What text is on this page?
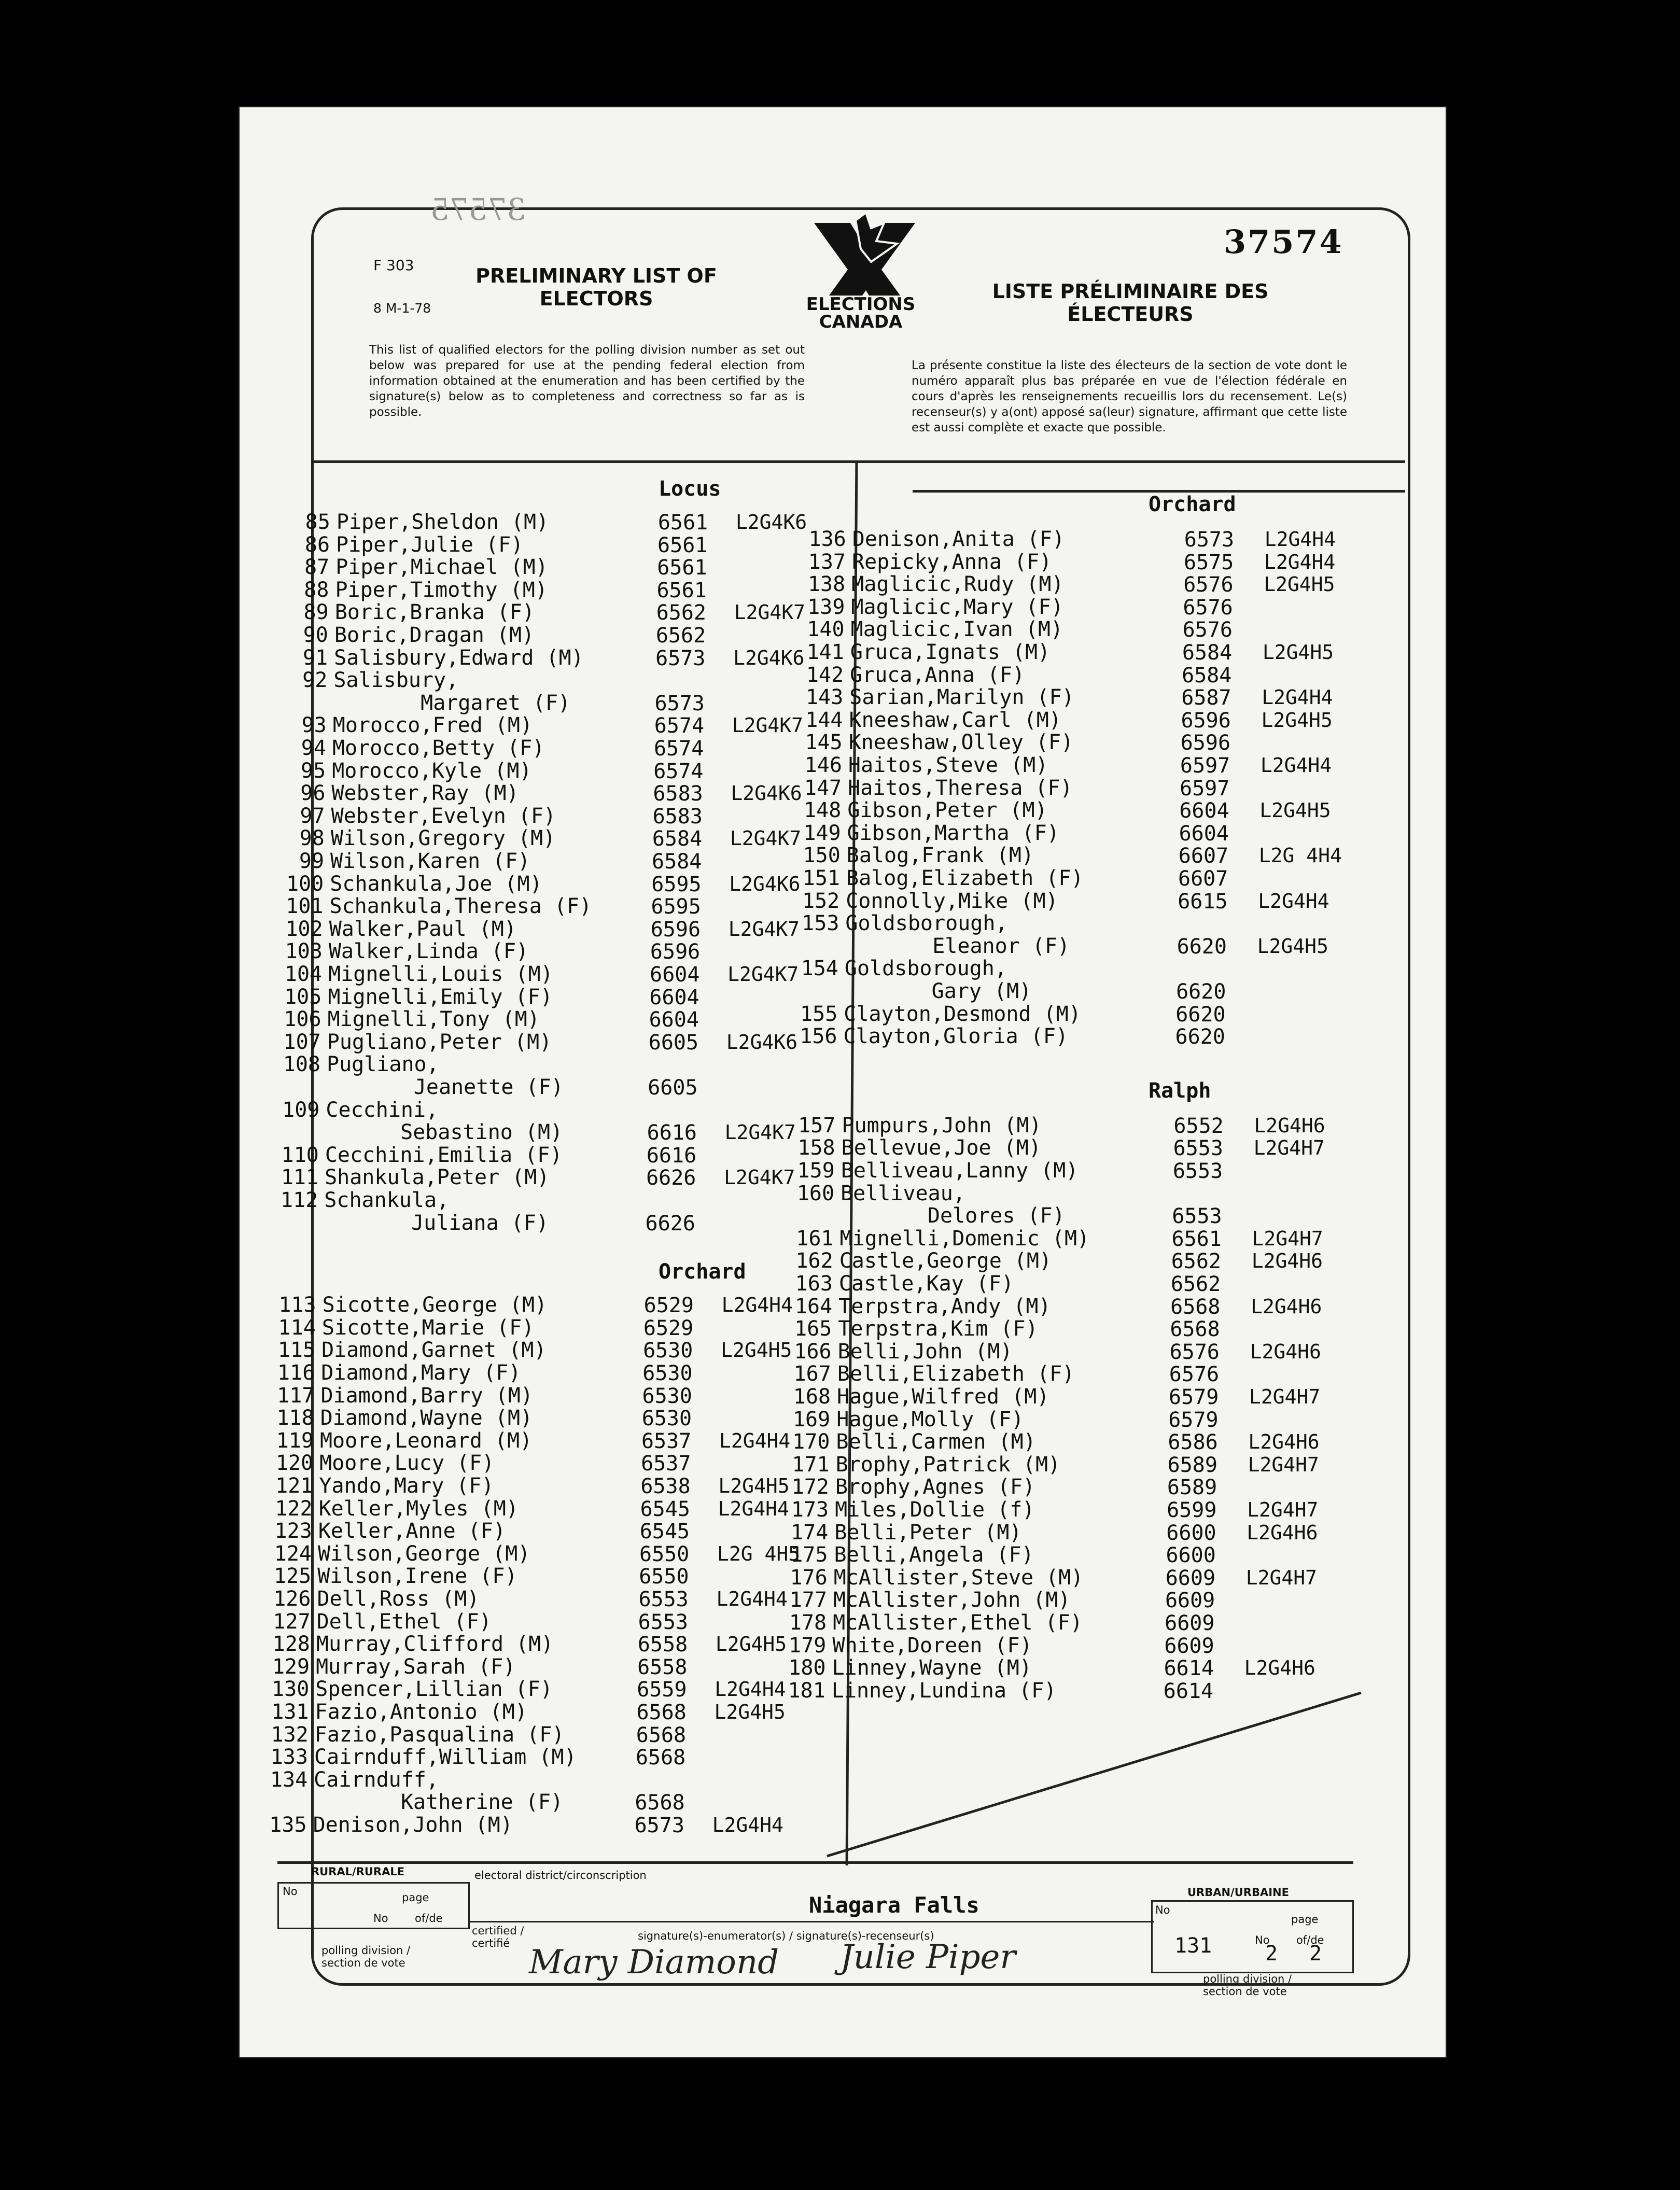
37575
37574
F 303
8 M-1-78
PRELIMINARY LIST OF ELECTORS	LISTE PRÉLIMINAIRE DES ÉLECTEURS
ELECTIONS CANADA
This list of qualified electors for the polling division number as set out below was prepared for use at the pending federal election from information obtained at the enumeration and has been certified by the signature(s) below as to completeness and correctness so far as is possible.
La présente constitue la liste des électeurs de la section de vote dont le numéro apparaît plus bas préparée en vue de l'élection fédérale en cours d'après les renseignements recueillis lors du recensement. Le(s) recenseur(s) y a(ont) apposé sa(leur) signature, affirmant que cette liste est aussi complète et exacte que possible.
Locus
85 Piper,Sheldon (M)	6561 L2G4K6
86 Piper,Julie (F)	6561
87 Piper,Michael (M)	6561
88 Piper,Timothy (M)	6561
89 Boric,Branka (F)	6562 L2G4K7
90 Boric,Dragan (M)	6562
91 Salisbury,Edward (M)	6573 L2G4K6
92 Salisbury,
Margaret (F)	6573
93 Morocco,Fred (M)	6574 L2G4K7
94 Morocco,Betty (F)	6574
95 Morocco,Kyle (M)	6574
96 Webster,Ray (M)	6583 L2G4K6
97 Webster,Evelyn (F)	6583
98 Wilson,Gregory (M)	6584 L2G4K7
99 Wilson,Karen (F)	6584
100 Schankula,Joe (M)	6595 L2G4K6
101 Schankula,Theresa (F)	6595
102 Walker,Paul (M)	6596 L2G4K7
103 Walker,Linda (F)	6596
104 Mignelli,Louis (M)	6604 L2G4K7
105 Mignelli,Emily (F)	6604
106 Mignelli,Tony (M)	6604
107 Pugliano,Peter (M)	6605 L2G4K6
108 Pugliano,
Jeanette (F)	6605
109 Cecchini,
Sebastino (M)	6616 L2G4K7
110 Cecchini,Emilia (F)	6616
111 Shankula,Peter (M)	6626 L2G4K7
112 Schankula,
Juliana (F)	6626
Orchard
113 Sicotte,George (M)	6529 L2G4H4
114 Sicotte,Marie (F)	6529
115 Diamond,Garnet (M)	6530 L2G4H5
116 Diamond,Mary (F)	6530
117 Diamond,Barry (M)	6530
118 Diamond,Wayne (M)	6530
119 Moore,Leonard (M)	6537 L2G4H4
120 Moore,Lucy (F)	6537
121 Yando,Mary (F)	6538 L2G4H5
122 Keller,Myles (M)	6545 L2G4H4
123 Keller,Anne (F)	6545
124 Wilson,George (M)	6550 L2G 4H5
125 Wilson,Irene (F)	6550
126 Dell,Ross (M)	6553 L2G4H4
127 Dell,Ethel (F)	6553
128 Murray,Clifford (M)	6558 L2G4H5
129 Murray,Sarah (F)	6558
130 Spencer,Lillian (F)	6559 L2G4H4
131 Fazio,Antonio (M)	6568 L2G4H5
132 Fazio,Pasqualina (F)	6568
133 Cairnduff,William (M)	6568
134 Cairnduff,
Katherine (F)	6568
135 Denison,John (M)	6573 L2G4H4
Orchard
136 Denison,Anita (F)	6573 L2G4H4
137 Repicky,Anna (F)	6575 L2G4H4
138 Maglicic,Rudy (M)	6576 L2G4H5
139 Maglicic,Mary (F)	6576
140 Maglicic,Ivan (M)	6576
141 Gruca,Ignats (M)	6584 L2G4H5
142 Gruca,Anna (F)	6584
143 Sarian,Marilyn (F)	6587 L2G4H4
144 Kneeshaw,Carl (M)	6596 L2G4H5
145 Kneeshaw,Olley (F)	6596
146 Haitos,Steve (M)	6597 L2G4H4
147 Haitos,Theresa (F)	6597
148 Gibson,Peter (M)	6604 L2G4H5
149 Gibson,Martha (F)	6604
150 Balog,Frank (M)	6607 L2G 4H4
151 Balog,Elizabeth (F)	6607
152 Connolly,Mike (M)	6615 L2G4H4
153 Goldsborough,
Eleanor (F)	6620 L2G4H5
154 Goldsborough,
Gary (M)	6620
155 Clayton,Desmond (M)	6620
156 Clayton,Gloria (F)	6620
Ralph
157 Pumpurs,John (M)	6552 L2G4H6
158 Bellevue,Joe (M)	6553 L2G4H7
159 Belliveau,Lanny (M)	6553
160 Belliveau,
Delores (F)	6553
161 Mignelli,Domenic (M)	6561 L2G4H7
162 Castle,George (M)	6562 L2G4H6
163 Castle,Kay (F)	6562
164 Terpstra,Andy (M)	6568 L2G4H6
165 Terpstra,Kim (F)	6568
166 Belli,John (M)	6576 L2G4H6
167 Belli,Elizabeth (F)	6576
168 Hague,Wilfred (M)	6579 L2G4H7
169 Hague,Molly (F)	6579
170 Belli,Carmen (M)	6586 L2G4H6
171 Brophy,Patrick (M)	6589 L2G4H7
172 Brophy,Agnes (F)	6589
173 Miles,Dollie (f)	6599 L2G4H7
174 Belli,Peter (M)	6600 L2G4H6
175 Belli,Angela (F)	6600
176 McAllister,Steve (M)	6609 L2G4H7
177 McAllister,John (M)	6609
178 McAllister,Ethel (F)	6609
179 White,Doreen (F)	6609
180 Linney,Wayne (M)	6614 L2G4H6
181 Linney,Lundina (F)	6614
RURAL/RURALE
No	page
No of/de
polling division / section de vote
electoral district/circonscription
Niagara Falls
certified / certifié
signature(s)-enumerator(s) / signature(s)-recenseur(s)
Mary Diamond Julie Piper
URBAN/URBAINE
No
131
page
No
2
of/de
2
polling division / section de vote
